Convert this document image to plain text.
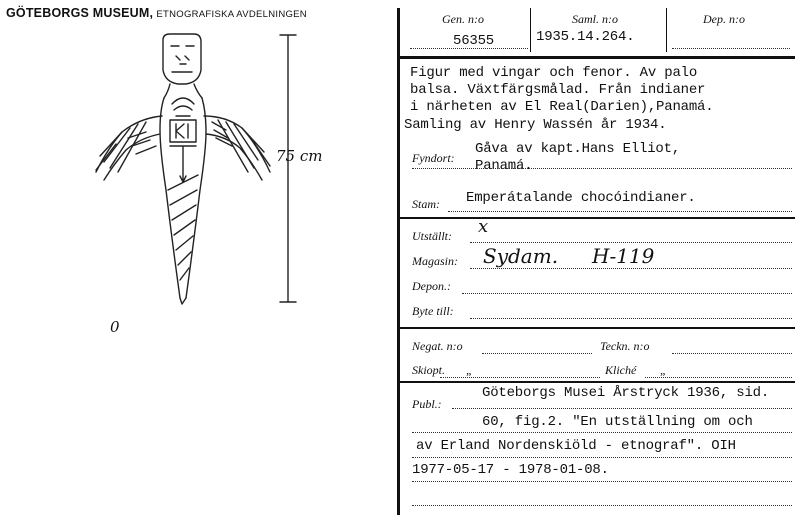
GÖTEBORGS MUSEUM, ETNOGRAFISKA AVDELNINGEN
75 cm
0
Gen. n:o	Saml. n:o	Dep. n:o
56355	1935.14.264.
Figur med vingar och fenor. Av palo
balsa. Växtfärgsmålad. Från indianer
i närheten av El Real(Darien),Panamá.
Samling av Henry Wassén år 1934.
Fyndort:
Gåva av kapt.Hans Elliot,
Panamá.
Stam: Emperátalande chocóindianer.
Utställt: x
Magasin: Sydam. H-119
Depon.:
Byte till:
Negat. n:o	Teckn. n:o
Skiopt. „	Kliché „
Publ.:
Göteborgs Musei Årstryck 1936, sid.
60, fig.2. "En utställning om och
av Erland Nordenskiöld - etnograf". OIH
1977-05-17 - 1978-01-08.
